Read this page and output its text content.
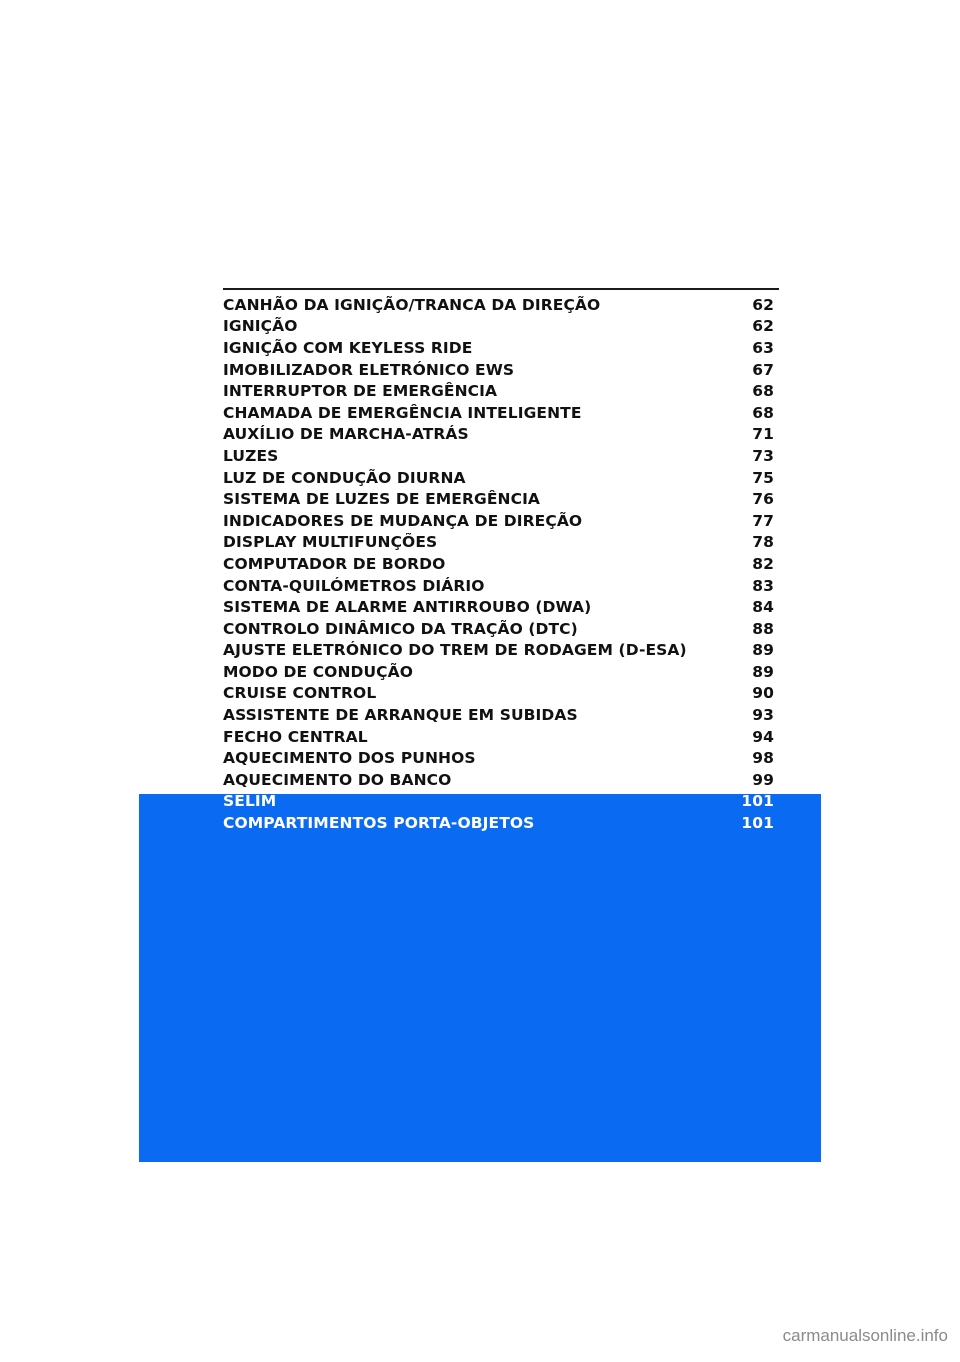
CANHÃO DA IGNIÇÃO/TRANCA DA DIREÇÃO	62
IGNIÇÃO	62
IGNIÇÃO COM KEYLESS RIDE	63
IMOBILIZADOR ELETRÓNICO EWS	67
INTERRUPTOR DE EMERGÊNCIA	68
CHAMADA DE EMERGÊNCIA INTELIGENTE	68
AUXÍLIO DE MARCHA-ATRÁS	71
LUZES	73
LUZ DE CONDUÇÃO DIURNA	75
SISTEMA DE LUZES DE EMERGÊNCIA	76
INDICADORES DE MUDANÇA DE DIREÇÃO	77
DISPLAY MULTIFUNÇÕES	78
COMPUTADOR DE BORDO	82
CONTA-QUILÓMETROS DIÁRIO	83
SISTEMA DE ALARME ANTIRROUBO (DWA)	84
CONTROLO DINÂMICO DA TRAÇÃO (DTC)	88
AJUSTE ELETRÓNICO DO TREM DE RODAGEM (D-ESA)	89
MODO DE CONDUÇÃO	89
CRUISE CONTROL	90
ASSISTENTE DE ARRANQUE EM SUBIDAS	93
FECHO CENTRAL	94
AQUECIMENTO DOS PUNHOS	98
AQUECIMENTO DO BANCO	99
SELIM	101
COMPARTIMENTOS PORTA-OBJETOS	101
carmanualsonline.info
